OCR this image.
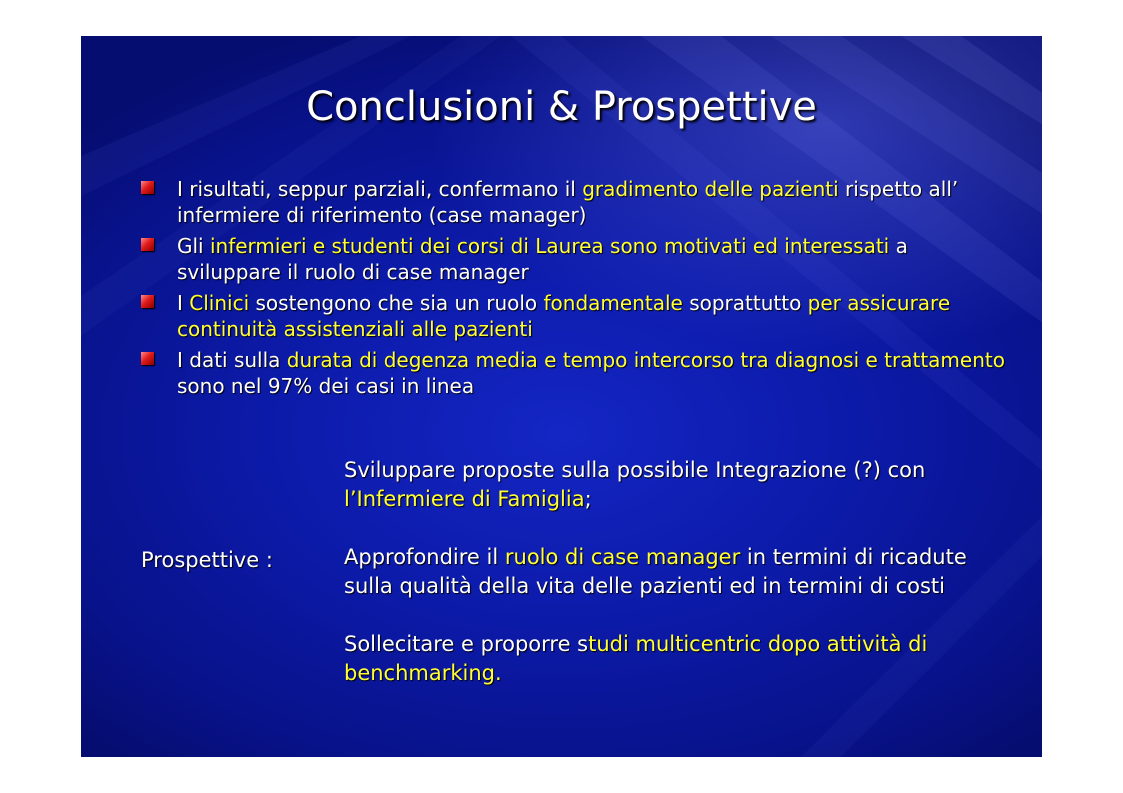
Conclusioni & Prospettive
I risultati, seppur parziali, confermano il gradimento delle pazienti rispetto all’ infermiere di riferimento (case manager)
Gli infermieri e studenti dei corsi di Laurea sono motivati ed interessati a sviluppare il ruolo di case manager
I Clinici sostengono che sia un ruolo fondamentale soprattutto per assicurare continuità assistenziali alle pazienti
I dati sulla durata di degenza media e tempo intercorso tra diagnosi e trattamento sono nel 97% dei casi in linea
Prospettive :

Sviluppare proposte sulla possibile Integrazione (?) con l’Infermiere di Famiglia;

Approfondire il ruolo di case manager in termini di ricadute sulla qualità della vita delle pazienti ed in termini di costi

Sollecitare e proporre studi multicentric dopo attività di benchmarking.
